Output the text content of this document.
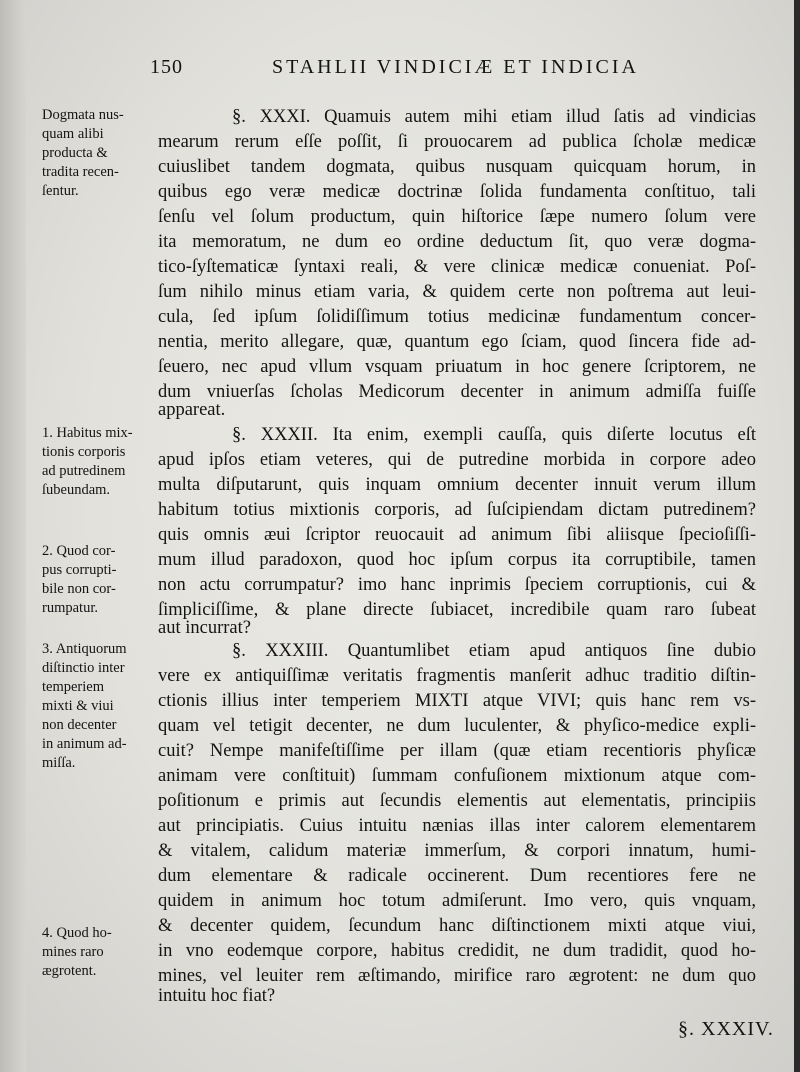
150	STAHLII VINDICIÆ ET INDICIA
Dogmata nus-
quam alibi
producta &
tradita recen-
ſentur.
1. Habitus mix-
tionis corporis
ad putredinem
ſubeundam.
2. Quod cor-
pus corrupti-
bile non cor-
rumpatur.
3. Antiquorum
diſtinctio inter
temperiem
mixti & viui
non decenter
in animum ad-
miſſa.
4. Quod ho-
mines raro
ægrotent.
§. XXXI. Quamuis autem mihi etiam illud ſatis ad vindicias
mearum rerum eſſe poſſit, ſi prouocarem ad publica ſcholæ medicæ
cuiuslibet tandem dogmata, quibus nusquam quicquam horum, in
quibus ego veræ medicæ doctrinæ ſolida fundamenta conſtituo, tali
ſenſu vel ſolum productum, quin hiſtorice ſæpe numero ſolum vere
ita memoratum, ne dum eo ordine deductum ſit, quo veræ dogma-
tico-ſyſtematicæ ſyntaxi reali, & vere clinicæ medicæ conueniat. Poſ-
ſum nihilo minus etiam varia, & quidem certe non poſtrema aut leui-
cula, ſed ipſum ſolidiſſimum totius medicinæ fundamentum concer-
nentia, merito allegare, quæ, quantum ego ſciam, quod ſincera fide ad-
ſeuero, nec apud vllum vsquam priuatum in hoc genere ſcriptorem, ne
dum vniuerſas ſcholas Medicorum decenter in animum admiſſa fuiſſe
appareat.
§. XXXII. Ita enim, exempli cauſſa, quis diſerte locutus eſt
apud ipſos etiam veteres, qui de putredine morbida in corpore adeo
multa diſputarunt, quis inquam omnium decenter innuit verum illum
habitum totius mixtionis corporis, ad ſuſcipiendam dictam putredinem?
quis omnis æui ſcriptor reuocauit ad animum ſibi aliisque ſpecioſiſſi-
mum illud paradoxon, quod hoc ipſum corpus ita corruptibile, tamen
non actu corrumpatur? imo hanc inprimis ſpeciem corruptionis, cui &
ſimpliciſſime, & plane directe ſubiacet, incredibile quam raro ſubeat
aut incurrat?
§. XXXIII. Quantumlibet etiam apud antiquos ſine dubio
vere ex antiquiſſimæ veritatis fragmentis manſerit adhuc traditio diſtin-
ctionis illius inter temperiem MIXTI atque VIVI; quis hanc rem vs-
quam vel tetigit decenter, ne dum luculenter, & phyſico-medice expli-
cuit? Nempe manifeſtiſſime per illam (quæ etiam recentioris phyſicæ
animam vere conſtituit) ſummam confuſionem mixtionum atque com-
poſitionum e primis aut ſecundis elementis aut elementatis, principiis
aut principiatis. Cuius intuitu nænias illas inter calorem elementarem
& vitalem, calidum materiæ immerſum, & corpori innatum, humi-
dum elementare & radicale occinerent. Dum recentiores fere ne
quidem in animum hoc totum admiſerunt. Imo vero, quis vnquam,
& decenter quidem, ſecundum hanc diſtinctionem mixti atque viui,
in vno eodemque corpore, habitus credidit, ne dum tradidit, quod ho-
mines, vel leuiter rem æſtimando, mirifice raro ægrotent: ne dum quo
intuitu hoc fiat?
§. XXXIV.
